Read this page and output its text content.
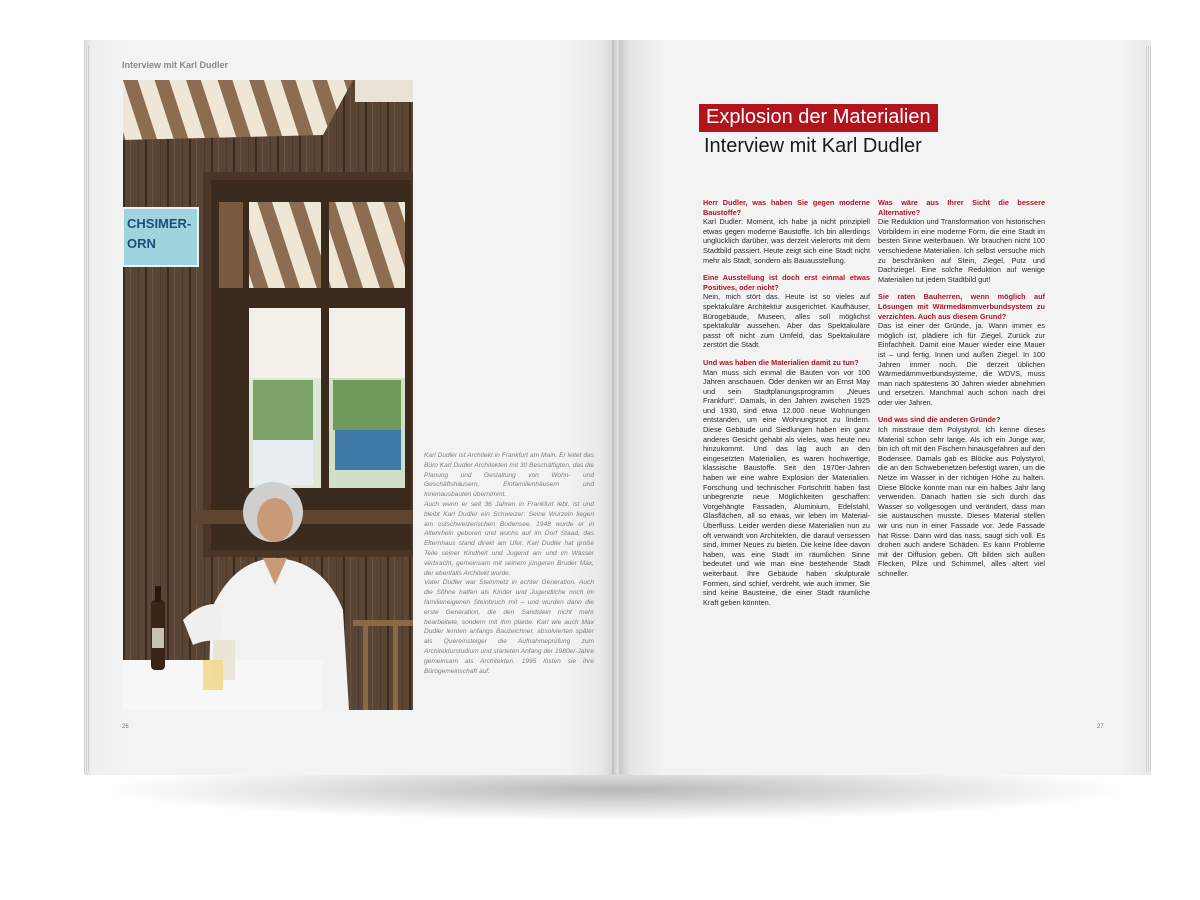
Interview mit Karl Dudler
CHSIMER-
ORN

Karl Dudler ist Architekt in Frankfurt am Main. Er leitet das Büro Karl Dudler Architekten mit 30 Beschäftigten, das die Planung und Gestaltung von Wohn- und Geschäftshäusern, Einfamilienhäusern und Innenausbauten übernimmt.

Auch wenn er seit 36 Jahren in Frankfurt lebt, ist und bleibt Karl Dudler ein Schweizer: Seine Wurzeln liegen am ostschweizerischen Bodensee. 1948 wurde er in Altenrhein geboren und wuchs auf im Dorf Staad, das Elternhaus stand direkt am Ufer. Karl Dudler hat große Teile seiner Kindheit und Jugend am und im Wasser verbracht, gemeinsam mit seinem jüngeren Bruder Max, der ebenfalls Architekt wurde.

Vater Dudler war Steinmetz in achter Generation. Auch die Söhne halfen als Kinder und Jugendliche noch im familieneigenen Steinbruch mit – und wurden dann die erste Generation, die den Sandstein nicht mehr bearbeitete, sondern mit ihm plante. Karl wie auch Max Dudler lernten anfangs Bauzeichner, absolvierten später als Quereinsteiger die Aufnahmeprüfung zum Architekturstudium und starteten Anfang der 1980er-Jahre gemeinsam als Architekten. 1995 lösten sie ihre Bürogemeinschaft auf.

26
Explosion der Materialien
Interview mit Karl Dudler
Herr Dudler, was haben Sie gegen moderne Baustoffe?
Karl Dudler: Moment, ich habe ja nicht prinzipiell etwas gegen moderne Baustoffe. Ich bin allerdings unglücklich darüber, was derzeit vielerorts mit dem Stadtbild passiert. Heute zeigt sich eine Stadt nicht mehr als Stadt, sondern als Bauausstellung.
Eine Ausstellung ist doch erst einmal etwas Positives, oder nicht?
Nein, mich stört das. Heute ist so vieles auf spektakuläre Architektur ausgerichtet. Kaufhäuser, Bürogebäude, Museen, alles soll möglichst spektakulär aussehen. Aber das Spektakuläre passt oft nicht zum Umfeld, das Spektakuläre zerstört die Stadt.
Und was haben die Materialien damit zu tun?
Man muss sich einmal die Bauten von vor 100 Jahren anschauen. Oder denken wir an Ernst May und sein Stadtplanungsprogramm „Neues Frankfurt“. Damals, in den Jahren zwischen 1925 und 1930, sind etwa 12.000 neue Wohnungen entstanden, um eine Wohnungsnot zu lindern. Diese Gebäude und Siedlungen haben ein ganz anderes Gesicht gehabt als vieles, was heute neu hinzukommt. Und das lag auch an den eingesetzten Materialien, es waren hochwertige, klassische Baustoffe. Seit den 1970er-Jahren haben wir eine wahre Explosion der Materialien. Forschung und technischer Fortschritt haben fast unbegrenzte neue Möglichkeiten geschaffen: Vorgehängte Fassaden, Aluminium, Edelstahl, Glasflächen, all so etwas, wir leben im Material-Überfluss. Leider werden diese Materialien nun zu oft verwandt von Architekten, die darauf versessen sind, immer Neues zu bieten. Die keine Idee davon haben, was eine Stadt im räumlichen Sinne bedeutet und wie man eine bestehende Stadt weiterbaut. Ihre Gebäude haben skulpturale Formen, sind schief, verdreht, wie auch immer. Sie sind keine Bausteine, die einer Stadt räumliche Kraft geben könnten.
Was wäre aus Ihrer Sicht die bessere Alternative?
Die Reduktion und Transformation von historischen Vorbildern in eine moderne Form, die eine Stadt im besten Sinne weiterbauen. Wir brauchen nicht 100 verschiedene Materialien. Ich selbst versuche mich zu beschränken auf Stein, Ziegel, Putz und Dachziegel. Eine solche Reduktion auf wenige Materialien tut jedem Stadtbild gut!
Sie raten Bauherren, wenn möglich auf Lösungen mit Wärmedämmverbundsystem zu verzichten. Auch aus diesem Grund?
Das ist einer der Gründe, ja. Wann immer es möglich ist, plädiere ich für Ziegel. Zurück zur Einfachheit. Damit eine Mauer wieder eine Mauer ist – und fertig. Innen und außen Ziegel. In 100 Jahren immer noch. Die derzeit üblichen Wärmedämmverbundsysteme, die WDVS, muss man nach spätestens 30 Jahren wieder abnehmen und ersetzen. Manchmal auch schon nach drei oder vier Jahren.
Und was sind die anderen Gründe?
Ich misstraue dem Polystyrol. Ich kenne dieses Material schon sehr lange. Als ich ein Junge war, bin ich oft mit den Fischern hinausgefahren auf den Bodensee. Damals gab es Blöcke aus Polystyrol, die an den Schwebenetzen befestigt waren, um die Netze im Wasser in der richtigen Höhe zu halten. Diese Blöcke konnte man nur ein halbes Jahr lang verwenden. Danach hatten sie sich durch das Wasser so vollgesogen und verändert, dass man sie austauschen musste. Dieses Material stellen wir uns nun in einer Fassade vor. Jede Fassade hat Risse. Dann wird das nass, saugt sich voll. Es drohen auch andere Schäden. Es kann Probleme mit der Diffusion geben. Oft bilden sich außen Flecken, Pilze und Schimmel, alles altert viel schneller.
27
